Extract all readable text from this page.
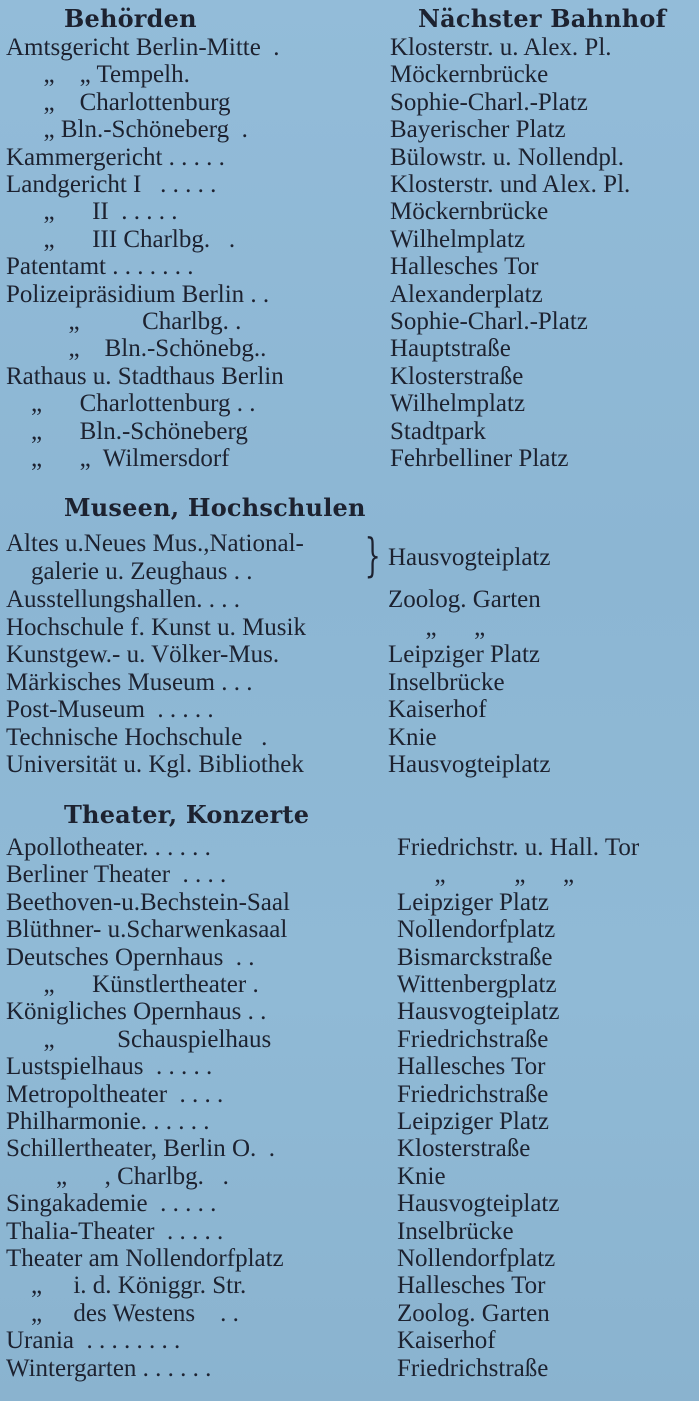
Behörden	Nächster Bahnhof
Amtsgericht Berlin-Mitte  .	Klosterstr. u. Alex. Pl.
„    „ Tempelh.	Möckernbrücke
„    Charlottenburg	Sophie-Charl.-Platz
„ Bln.-Schöneberg  .	Bayerischer Platz
Kammergericht . . . . .	Bülowstr. u. Nollendpl.
Landgericht I   . . . . .	Klosterstr. und Alex. Pl.
„      II  . . . . .	Möckernbrücke
„      III Charlbg.   .	Wilhelmplatz
Patentamt . . . . . . .	Hallesches Tor
Polizeipräsidium Berlin . .	Alexanderplatz
„          Charlbg. .	Sophie-Charl.-Platz
„    Bln.-Schönebg..	Hauptstraße
Rathaus u. Stadthaus Berlin	Klosterstraße
„      Charlottenburg . .	Wilhelmplatz
„      Bln.-Schöneberg	Stadtpark
„      „  Wilmersdorf	Fehrbelliner Platz
Museen, Hochschulen
Altes u.Neues Mus.,National-
galerie u. Zeughaus . . } Hausvogteiplatz
Ausstellungshallen. . . .	Zoolog. Garten
Hochschule f. Kunst u. Musik	„      „
Kunstgew.- u. Völker-Mus.	Leipziger Platz
Märkisches Museum . . .	Inselbrücke
Post-Museum  . . . . .	Kaiserhof
Technische Hochschule   .	Knie
Universität u. Kgl. Bibliothek	Hausvogteiplatz
Theater, Konzerte
Apollotheater. . . . . .	Friedrichstr. u. Hall. Tor
Berliner Theater  . . . .	„           „      „
Beethoven-u.Bechstein-Saal	Leipziger Platz
Blüthner- u.Scharwenkasaal	Nollendorfplatz
Deutsches Opernhaus  . .	Bismarckstraße
„      Künstlertheater .	Wittenbergplatz
Königliches Opernhaus . .	Hausvogteiplatz
„          Schauspielhaus	Friedrichstraße
Lustspielhaus  . . . . .	Hallesches Tor
Metropoltheater  . . . .	Friedrichstraße
Philharmonie. . . . . .	Leipziger Platz
Schillertheater, Berlin O.  .	Klosterstraße
„      , Charlbg.   .	Knie
Singakademie  . . . . .	Hausvogteiplatz
Thalia-Theater  . . . . .	Inselbrücke
Theater am Nollendorfplatz	Nollendorfplatz
„     i. d. Königgr. Str.	Hallesches Tor
„     des Westens    . .	Zoolog. Garten
Urania  . . . . . . . .	Kaiserhof
Wintergarten . . . . . .	Friedrichstraße
